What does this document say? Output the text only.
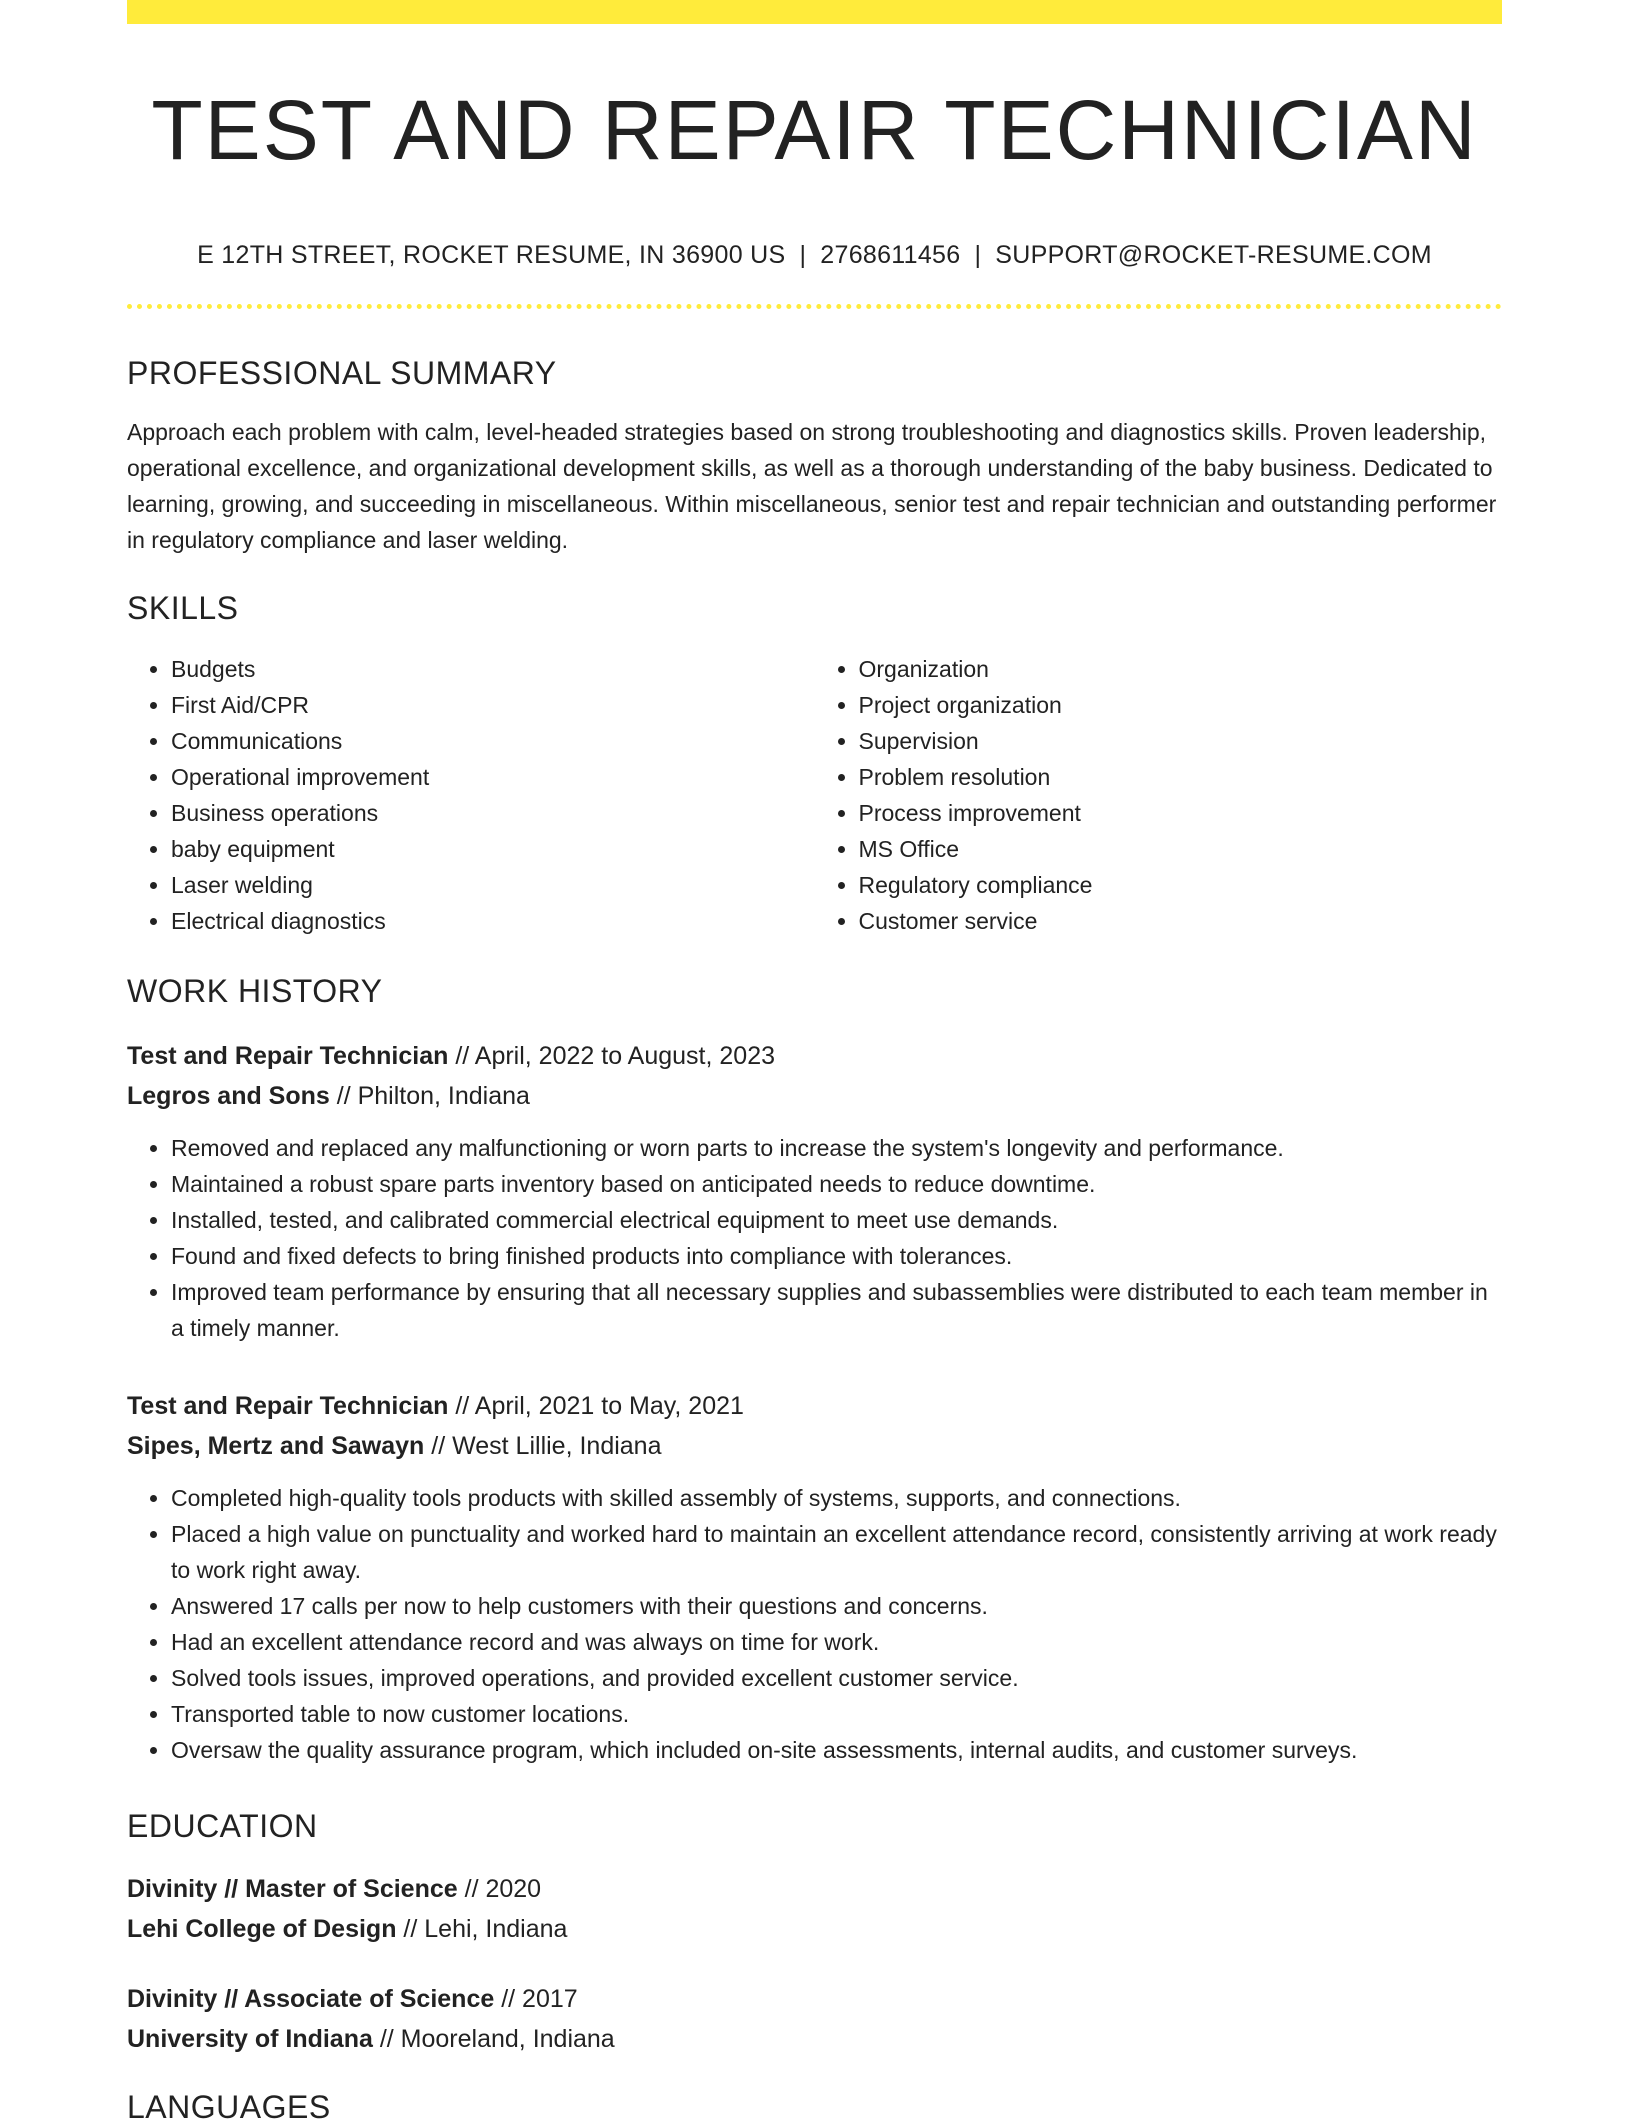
TEST AND REPAIR TECHNICIAN
E 12TH STREET, ROCKET RESUME, IN 36900 US | 2768611456 | SUPPORT@ROCKET-RESUME.COM
PROFESSIONAL SUMMARY

Approach each problem with calm, level-headed strategies based on strong troubleshooting and diagnostics skills. Proven leadership, operational excellence, and organizational development skills, as well as a thorough understanding of the baby business. Dedicated to learning, growing, and succeeding in miscellaneous. Within miscellaneous, senior test and repair technician and outstanding performer in regulatory compliance and laser welding.

SKILLS
• Budgets
• First Aid/CPR
• Communications
• Operational improvement
• Business operations
• baby equipment
• Laser welding
• Electrical diagnostics
• Organization
• Project organization
• Supervision
• Problem resolution
• Process improvement
• MS Office
• Regulatory compliance
• Customer service
WORK HISTORY
Test and Repair Technician // April, 2022 to August, 2023
Legros and Sons // Philton, Indiana
• Removed and replaced any malfunctioning or worn parts to increase the system's longevity and performance.
• Maintained a robust spare parts inventory based on anticipated needs to reduce downtime.
• Installed, tested, and calibrated commercial electrical equipment to meet use demands.
• Found and fixed defects to bring finished products into compliance with tolerances.
• Improved team performance by ensuring that all necessary supplies and subassemblies were distributed to each team member in a timely manner.
Test and Repair Technician // April, 2021 to May, 2021
Sipes, Mertz and Sawayn // West Lillie, Indiana
• Completed high-quality tools products with skilled assembly of systems, supports, and connections.
• Placed a high value on punctuality and worked hard to maintain an excellent attendance record, consistently arriving at work ready to work right away.
• Answered 17 calls per now to help customers with their questions and concerns.
• Had an excellent attendance record and was always on time for work.
• Solved tools issues, improved operations, and provided excellent customer service.
• Transported table to now customer locations.
• Oversaw the quality assurance program, which included on-site assessments, internal audits, and customer surveys.
EDUCATION
Divinity // Master of Science // 2020
Lehi College of Design // Lehi, Indiana
Divinity // Associate of Science // 2017
University of Indiana // Mooreland, Indiana
LANGUAGES
